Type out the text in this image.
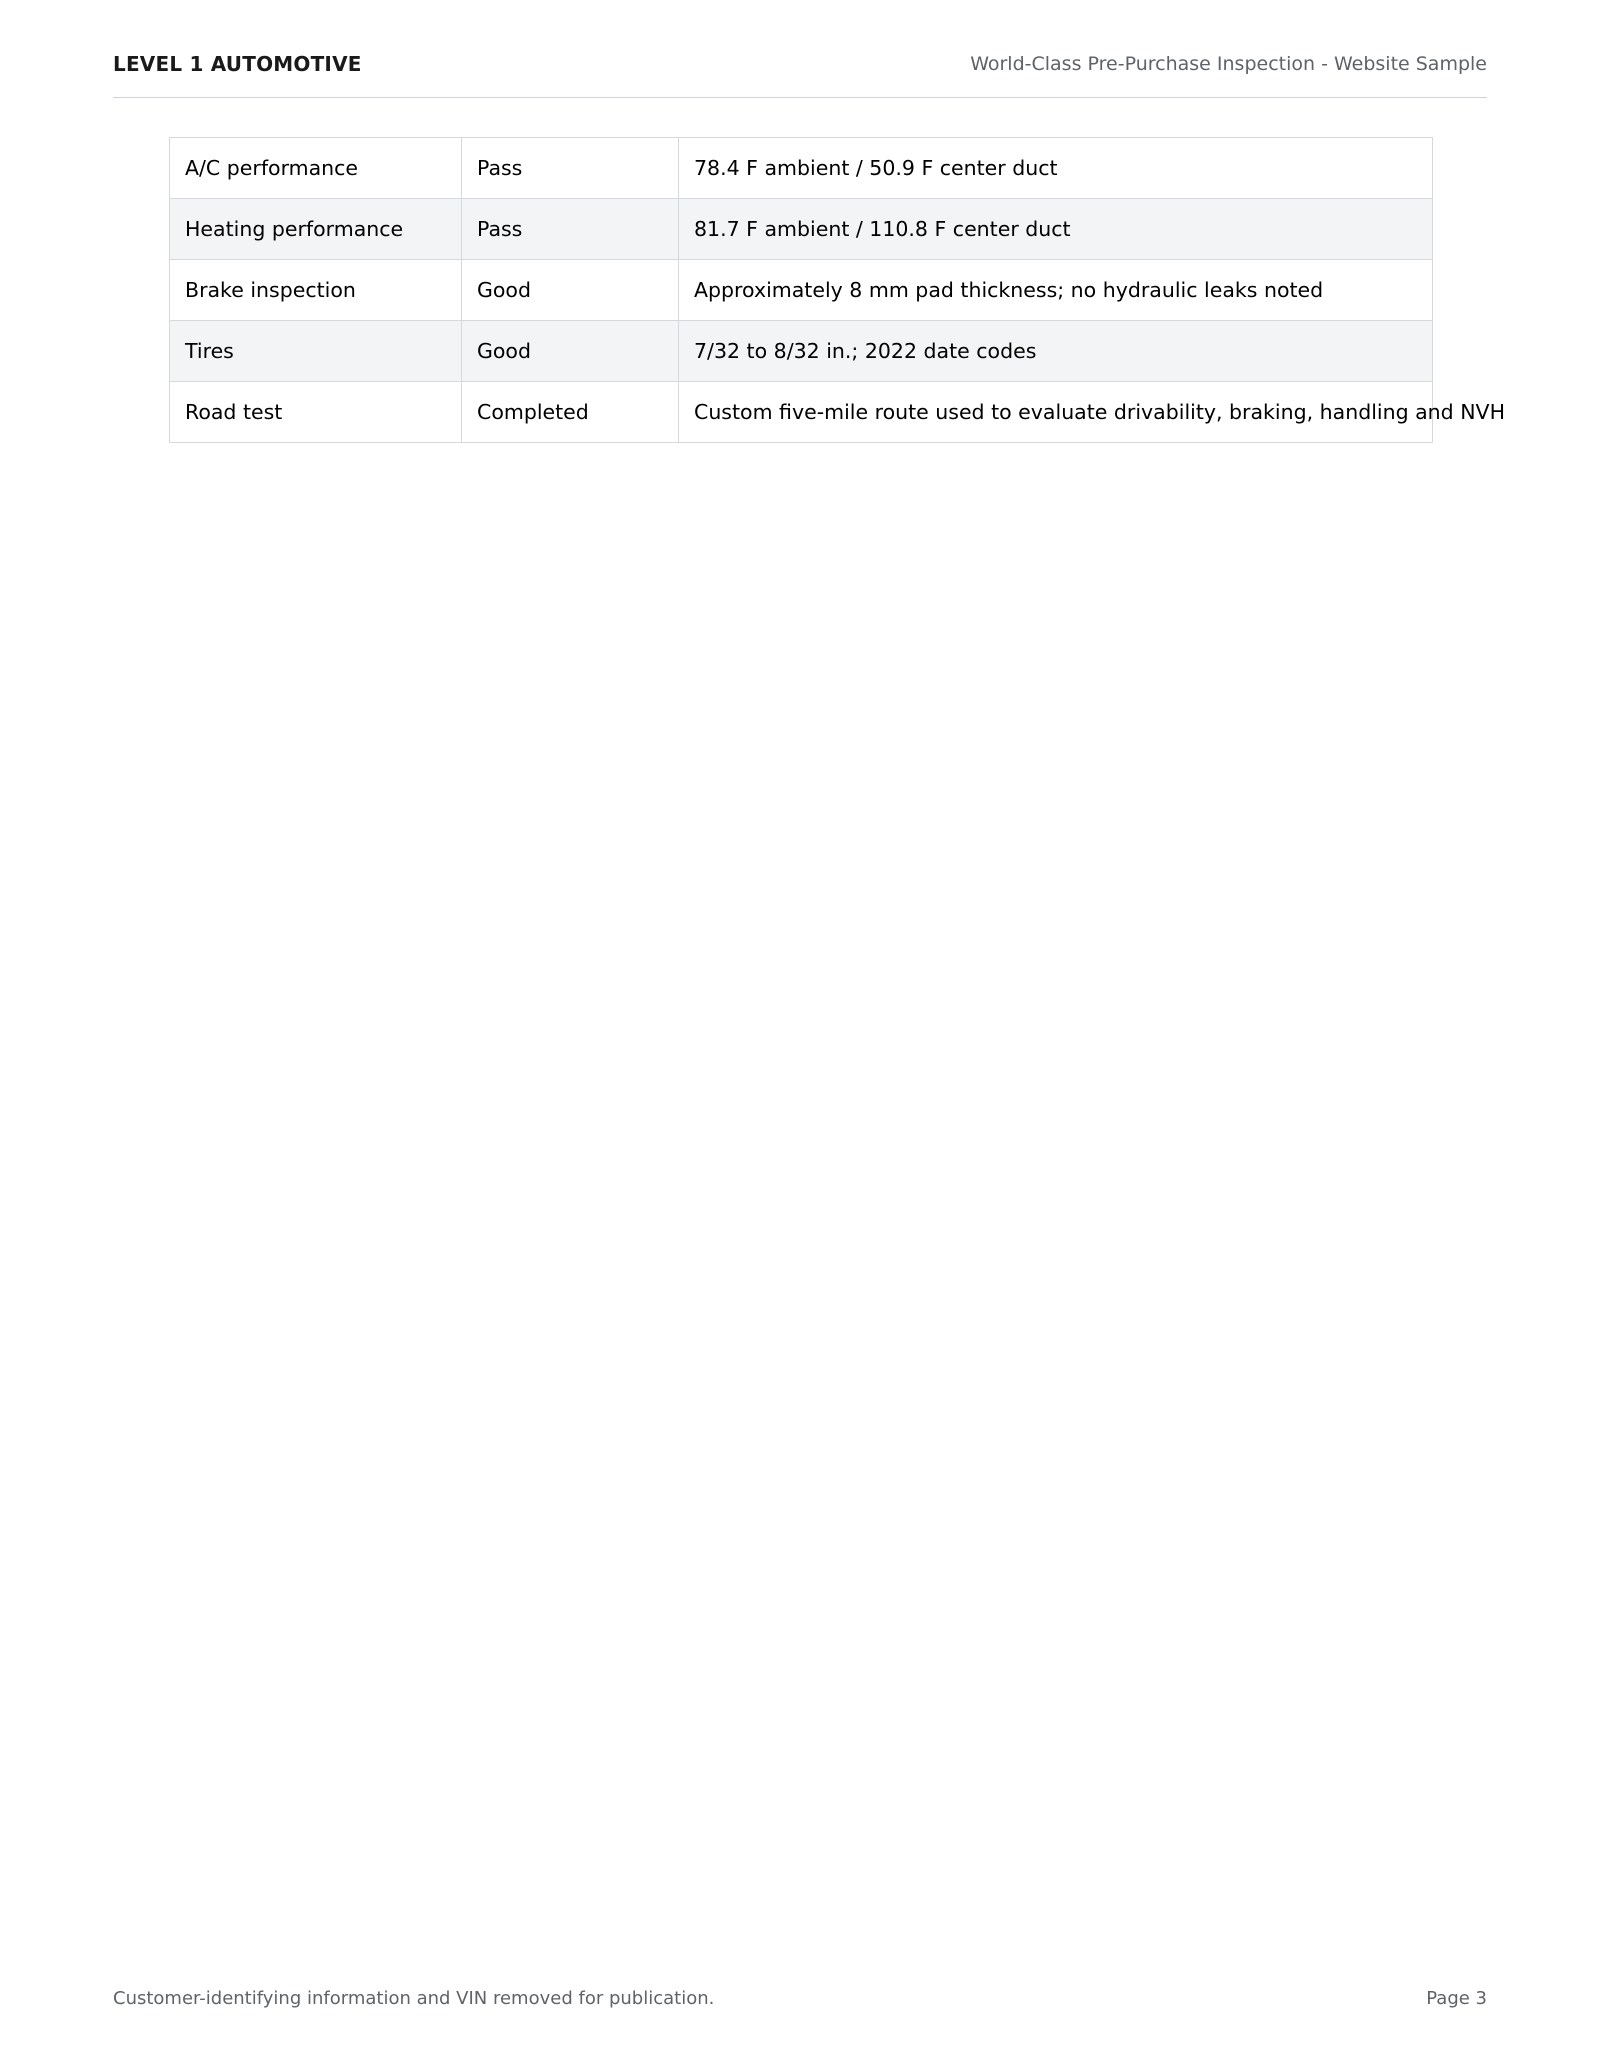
LEVEL 1 AUTOMOTIVE	World-Class Pre-Purchase Inspection - Website Sample
A/C performance	Pass	78.4 F ambient / 50.9 F center duct
Heating performance	Pass	81.7 F ambient / 110.8 F center duct
Brake inspection	Good	Approximately 8 mm pad thickness; no hydraulic leaks noted
Tires	Good	7/32 to 8/32 in.; 2022 date codes
Road test	Completed	Custom five-mile route used to evaluate drivability, braking, handling and NVH
Customer-identifying information and VIN removed for publication.	Page 3
